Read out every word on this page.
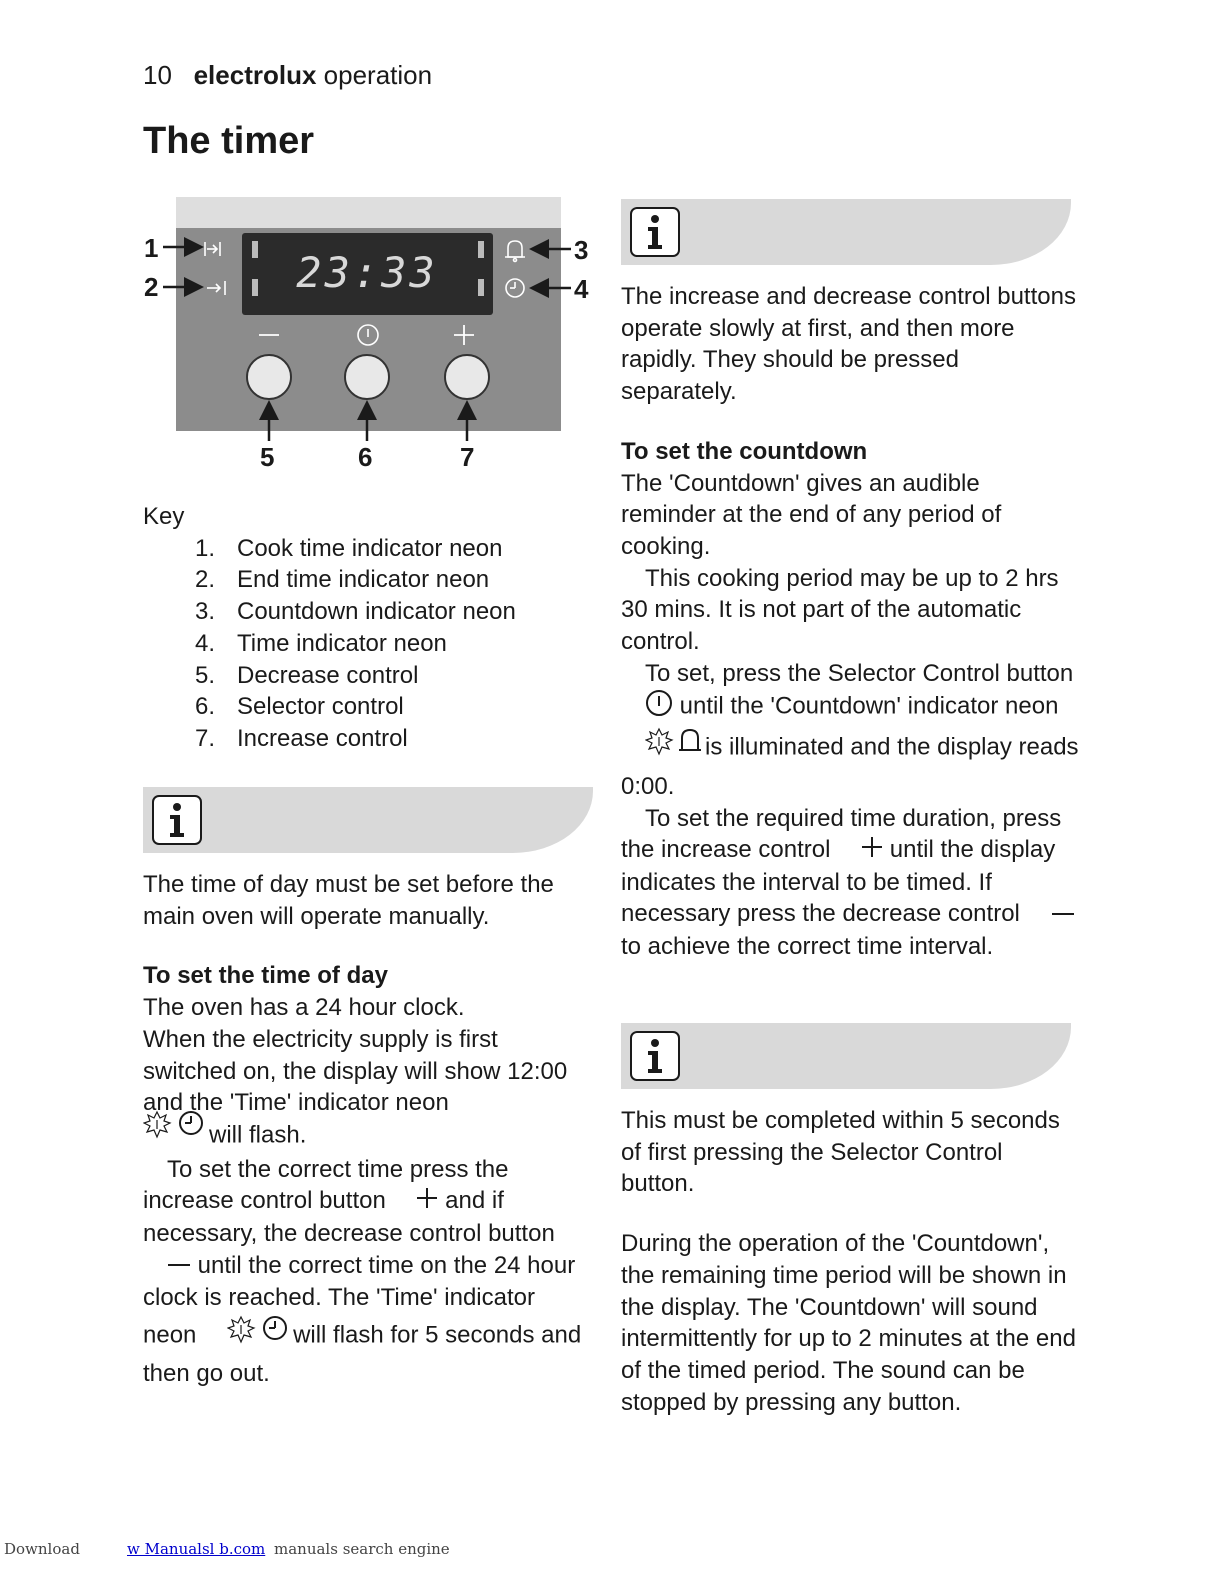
10 electrolux operation
The timer
23:33
1
2
3
4
5	6	7

Key

1. Cook time indicator neon
2. End time indicator neon
3. Countdown indicator neon
4. Time indicator neon
5. Decrease control
6. Selector control
7. Increase control

The time of day must be set before the main oven will operate manually.

To set the time of day

The oven has a 24 hour clock.

When the electricity supply is first switched on, the display will show 12:00 and the 'Time' indicator neon
will flash.

To set the correct time press the increase control button and if necessary, the decrease control button
until the correct time on the 24 hour clock is reached. The 'Time' indicator neon	will flash for 5 seconds and then go out.

The increase and decrease control buttons operate slowly at first, and then more rapidly. They should be pressed separately.

To set the countdown

The 'Countdown' gives an audible reminder at the end of any period of cooking.

This cooking period may be up to 2 hrs 30 mins. It is not part of the automatic control.

To set, press the Selector Control button  until the 'Countdown' indicator neon is illuminated and the display reads 0:00.

To set the required time duration, press the increase control until the display indicates the interval to be timed. If necessary press the decrease control  to achieve the correct time interval.

This must be completed within 5 seconds of first pressing the Selector Control button.

During the operation of the 'Countdown', the remaining time period will be shown in the display. The 'Countdown' will sound intermittently for up to 2 minutes at the end of the timed period. The sound can be stopped by pressing any button.

Download	w Manualsl b.com manuals search engine
